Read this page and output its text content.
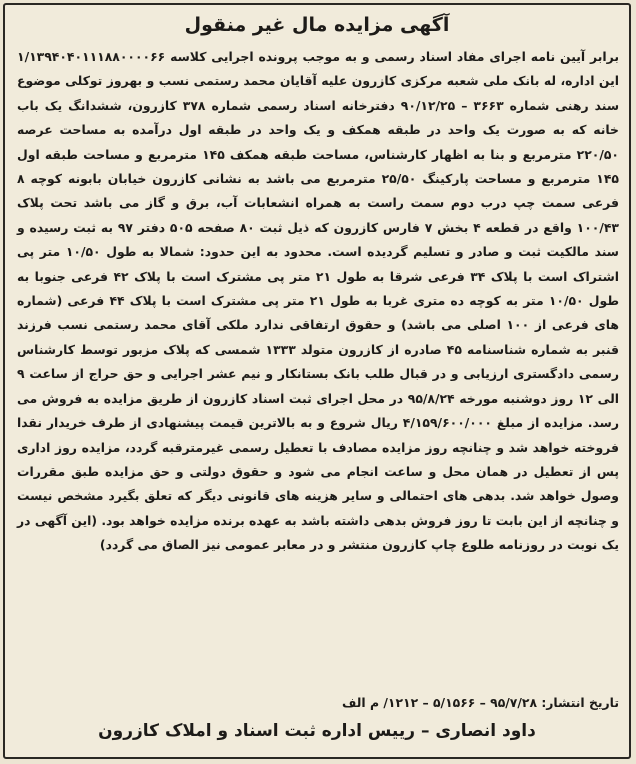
آگهی مزایده مال غیر منقول

برابر آیین نامه اجرای مفاد اسناد رسمی و به موجب پرونده اجرایی کلاسه ۱/۱۳۹۴۰۴۰۱۱۱۸۸۰۰۰۰۶۶ این اداره، له بانک ملی شعبه مرکزی کازرون علیه آقایان محمد رستمی نسب و بهروز توکلی موضوع سند رهنی شماره ۳۶۶۳ – ۹۰/۱۲/۲۵ دفترخانه اسناد رسمی شماره ۳۷۸ کازرون، ششدانگ یک باب خانه که به صورت یک واحد در طبقه همکف و یک واحد در طبقه اول درآمده به مساحت عرصه ۲۲۰/۵۰ مترمربع و بنا به اظهار کارشناس، مساحت طبقه همکف ۱۴۵ مترمربع و مساحت طبقه اول ۱۴۵ مترمربع و مساحت پارکینگ ۲۵/۵۰ مترمربع می باشد به نشانی کازرون خیابان بابونه کوچه ۸ فرعی سمت چپ درب دوم سمت راست به همراه انشعابات آب، برق و گاز می باشد تحت پلاک ۱۰۰/۴۳ واقع در قطعه ۴ بخش ۷ فارس کازرون که ذیل ثبت ۸۰ صفحه ۵۰۵ دفتر ۹۷ به ثبت رسیده و سند مالکیت ثبت و صادر و تسلیم گردیده است. محدود به این حدود: شمالا به طول ۱۰/۵۰ متر پی اشتراک است با پلاک ۳۴ فرعی شرقا به طول ۲۱ متر پی مشترک است با پلاک ۴۲ فرعی جنوبا به طول ۱۰/۵۰ متر به کوچه ده متری غربا به طول ۲۱ متر پی مشترک است با پلاک ۴۴ فرعی (شماره های فرعی از ۱۰۰ اصلی می باشد) و حقوق ارتفاقی ندارد ملکی آقای محمد رستمی نسب فرزند قنبر به شماره شناسنامه ۴۵ صادره از کازرون متولد ۱۳۳۳ شمسی که پلاک مزبور توسط کارشناس رسمی دادگستری ارزیابی و در قبال طلب بانک بستانکار و نیم عشر اجرایی و حق حراج از ساعت ۹ الی ۱۲ روز دوشنبه مورخه ۹۵/۸/۲۴ در محل اجرای ثبت اسناد کازرون از طریق مزایده به فروش می رسد. مزایده از مبلغ ۴/۱۵۹/۶۰۰/۰۰۰ ریال شروع و به بالاترین قیمت پیشنهادی از طرف خریدار نقدا فروخته خواهد شد و چنانچه روز مزایده مصادف با تعطیل رسمی غیرمترقبه گردد، مزایده روز اداری پس از تعطیل در همان محل و ساعت انجام می شود و حقوق دولتی و حق مزایده طبق مقررات وصول خواهد شد. بدهی های احتمالی و سایر هزینه های قانونی دیگر که تعلق بگیرد مشخص نیست و چنانچه از این بابت تا روز فروش بدهی داشته باشد به عهده برنده مزایده خواهد بود. (این آگهی در یک نوبت در روزنامه طلوع چاپ کازرون منتشر و در معابر عمومی نیز الصاق می گردد)

تاریخ انتشار: ۹۵/۷/۲۸ – ۵/۱۵۶۶ – ۱۲۱۲/ م الف
داود انصاری – رییس اداره ثبت اسناد و املاک کازرون
